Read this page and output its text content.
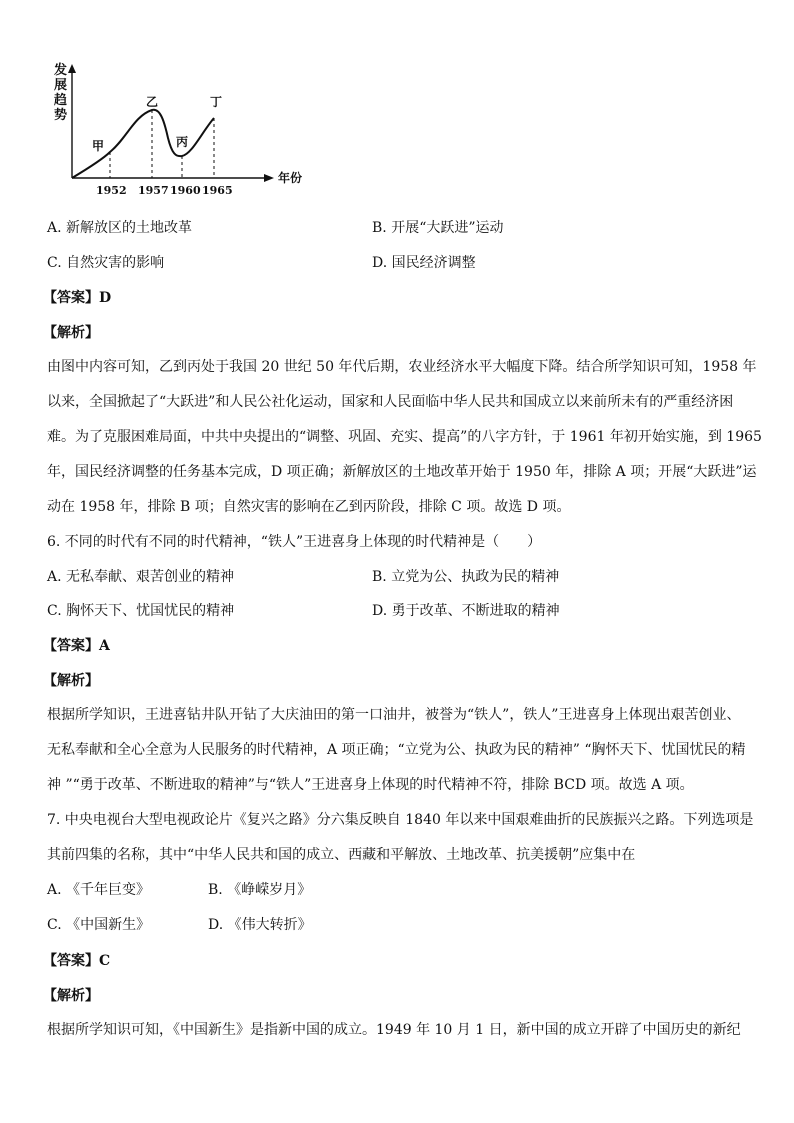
发
展
趋
势
甲
乙
丙
丁
1952 1957 1960 1965
年份
A. 新解放区的土地改革	B. 开展“大跃进”运动
C. 自然灾害的影响	D. 国民经济调整
【答案】D
【解析】
由图中内容可知，乙到丙处于我国 20 世纪 50 年代后期，农业经济水平大幅度下降。结合所学知识可知，1958 年
以来，全国掀起了“大跃进”和人民公社化运动，国家和人民面临中华人民共和国成立以来前所未有的严重经济困
难。为了克服困难局面，中共中央提出的“调整、巩固、充实、提高”的八字方针，于 1961 年初开始实施，到 1965
年，国民经济调整的任务基本完成，D 项正确；新解放区的土地改革开始于 1950 年，排除 A 项；开展“大跃进”运
动在 1958 年，排除 B 项；自然灾害的影响在乙到丙阶段，排除 C 项。故选 D 项。
6. 不同的时代有不同的时代精神，“铁人”王进喜身上体现的时代精神是（　　）
A. 无私奉献、艰苦创业的精神	B. 立党为公、执政为民的精神
C. 胸怀天下、忧国忧民的精神	D. 勇于改革、不断进取的精神
【答案】A
【解析】
根据所学知识，王进喜钻井队开钻了大庆油田的第一口油井，被誉为“铁人”，铁人”王进喜身上体现出艰苦创业、
无私奉献和全心全意为人民服务的时代精神，A 项正确；“立党为公、执政为民的精神” “胸怀天下、忧国忧民的精
神 ”“勇于改革、不断进取的精神”与“铁人”王进喜身上体现的时代精神不符，排除 BCD 项。故选 A 项。
7. 中央电视台大型电视政论片《复兴之路》分六集反映自 1840 年以来中国艰难曲折的民族振兴之路。下列选项是
其前四集的名称，其中“中华人民共和国的成立、西藏和平解放、土地改革、抗美援朝”应集中在
A. 《千年巨变》	B. 《峥嵘岁月》
C. 《中国新生》	D. 《伟大转折》
【答案】C
【解析】
根据所学知识可知，《中国新生》是指新中国的成立。1949 年 10 月 1 日，新中国的成立开辟了中国历史的新纪
